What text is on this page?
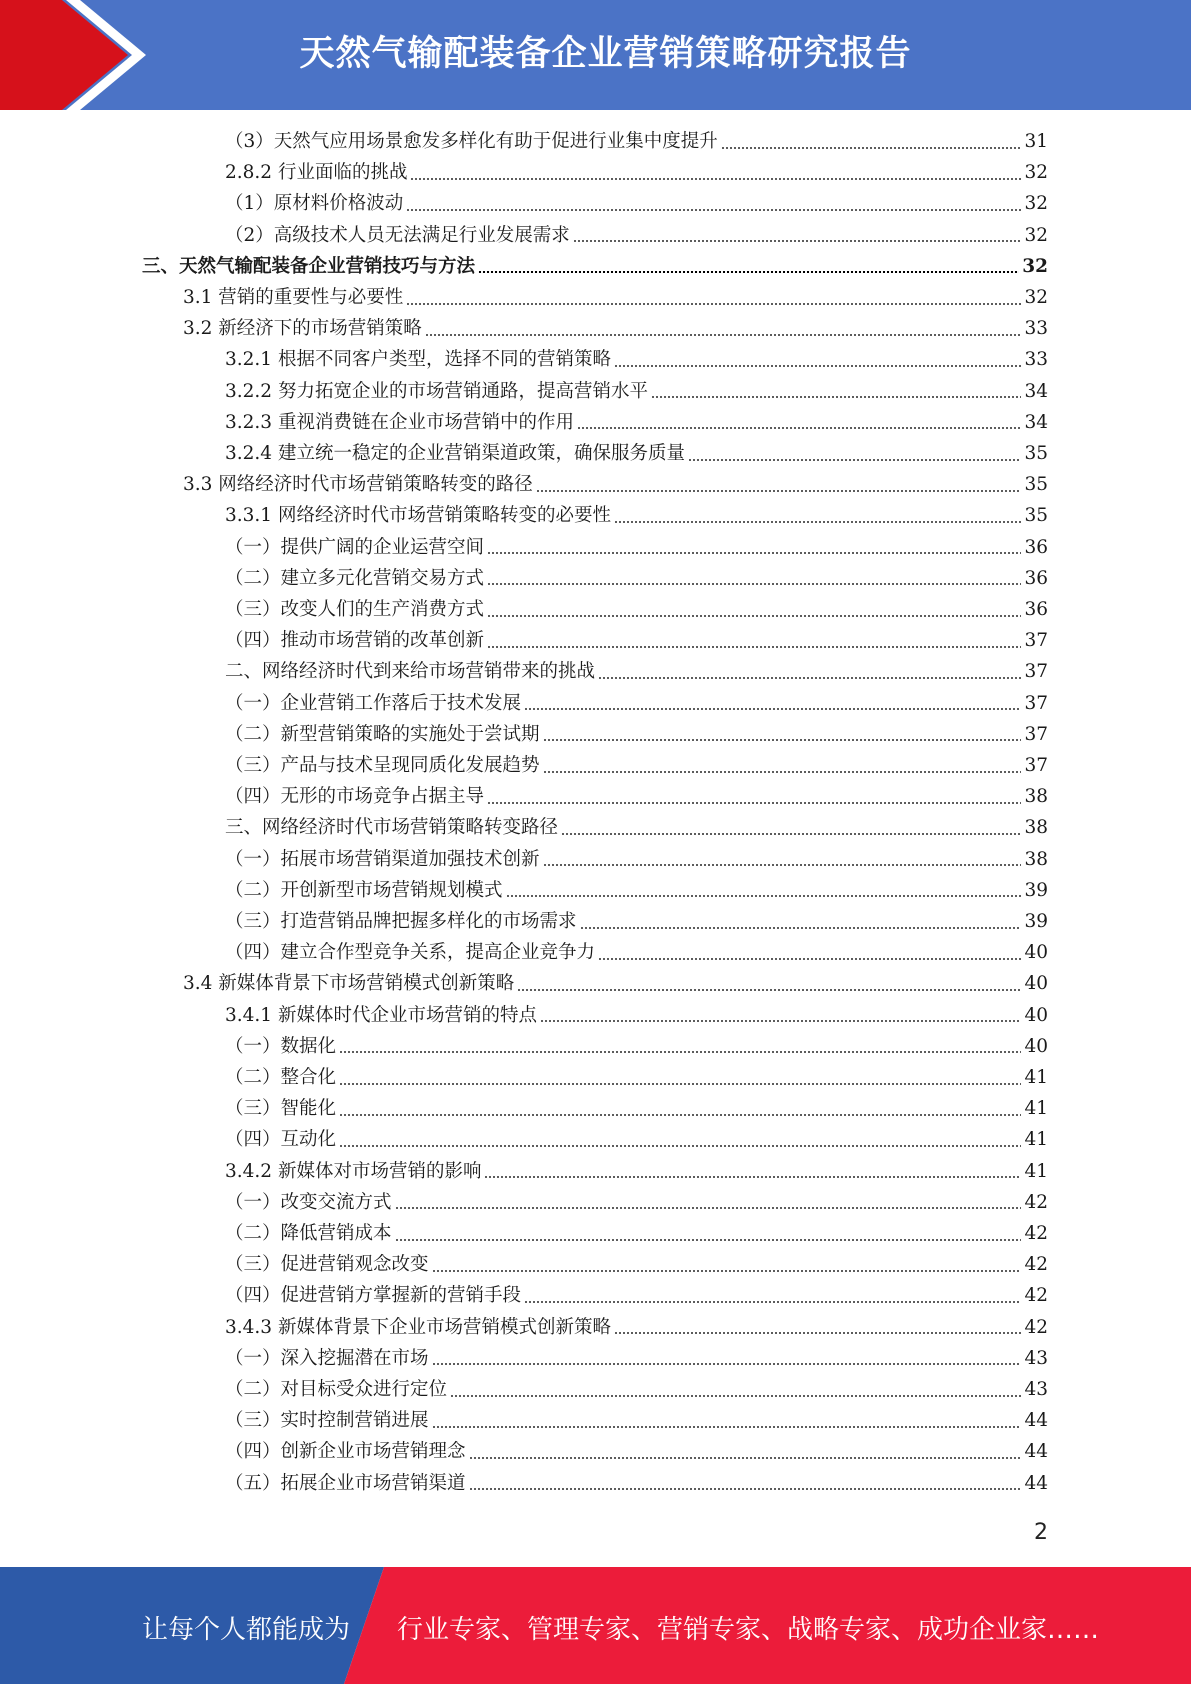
天然气输配装备企业营销策略研究报告
（3）天然气应用场景愈发多样化有助于促进行业集中度提升	31
2.8.2 行业面临的挑战	32
（1）原材料价格波动	32
（2）高级技术人员无法满足行业发展需求	32
三、天然气输配装备企业营销技巧与方法	32
3.1 营销的重要性与必要性	32
3.2 新经济下的市场营销策略	33
3.2.1 根据不同客户类型，选择不同的营销策略	33
3.2.2 努力拓宽企业的市场营销通路，提高营销水平	34
3.2.3 重视消费链在企业市场营销中的作用	34
3.2.4 建立统一稳定的企业营销渠道政策，确保服务质量	35
3.3 网络经济时代市场营销策略转变的路径	35
3.3.1 网络经济时代市场营销策略转变的必要性	35
（一）提供广阔的企业运营空间	36
（二）建立多元化营销交易方式	36
（三）改变人们的生产消费方式	36
（四）推动市场营销的改革创新	37
二、网络经济时代到来给市场营销带来的挑战	37
（一）企业营销工作落后于技术发展	37
（二）新型营销策略的实施处于尝试期	37
（三）产品与技术呈现同质化发展趋势	37
（四）无形的市场竞争占据主导	38
三、网络经济时代市场营销策略转变路径	38
（一）拓展市场营销渠道加强技术创新	38
（二）开创新型市场营销规划模式	39
（三）打造营销品牌把握多样化的市场需求	39
（四）建立合作型竞争关系，提高企业竞争力	40
3.4 新媒体背景下市场营销模式创新策略	40
3.4.1 新媒体时代企业市场营销的特点	40
（一）数据化	40
（二）整合化	41
（三）智能化	41
（四）互动化	41
3.4.2 新媒体对市场营销的影响	41
（一）改变交流方式	42
（二）降低营销成本	42
（三）促进营销观念改变	42
（四）促进营销方掌握新的营销手段	42
3.4.3 新媒体背景下企业市场营销模式创新策略	42
（一）深入挖掘潜在市场	43
（二）对目标受众进行定位	43
（三）实时控制营销进展	44
（四）创新企业市场营销理念	44
（五）拓展企业市场营销渠道	44
2
让每个人都能成为 行业专家、管理专家、营销专家、战略专家、成功企业家……
